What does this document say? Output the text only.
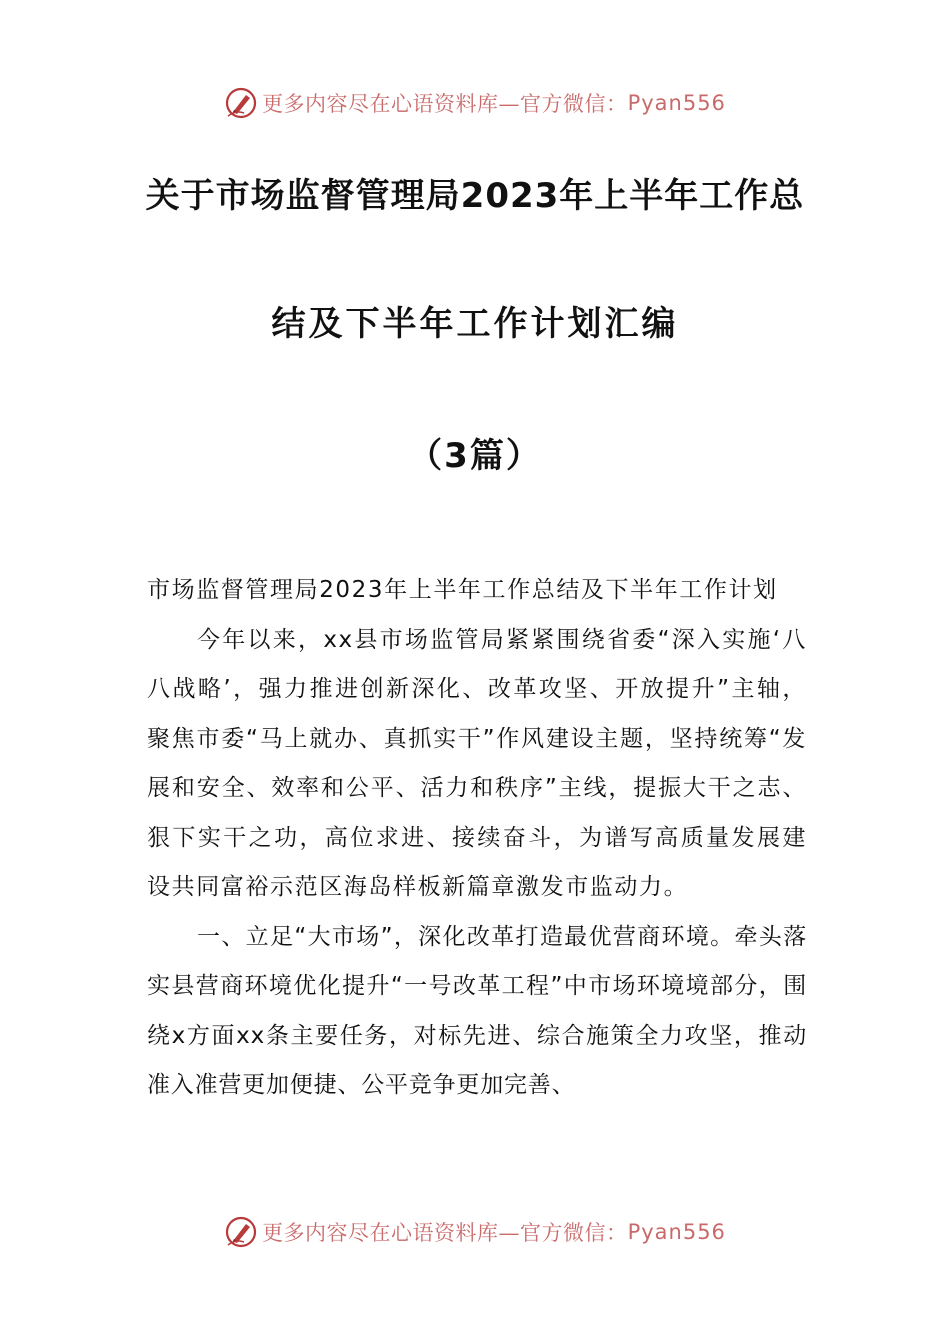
更多内容尽在心语资料库—官方微信： Pyan556
关于市场监督管理局2023年上半年工作总
结及下半年工作计划汇编
（3篇）

市场监督管理局2023年上半年工作总结及下半年工作计划

今年以来，xx县市场监管局紧紧围绕省委“深入实施‘八八战略’，强力推进创新深化、改革攻坚、开放提升”主轴，聚焦市委“马上就办、真抓实干”作风建设主题，坚持统筹“发展和安全、效率和公平、活力和秩序”主线，提振大干之志、狠下实干之功，高位求进、接续奋斗，为谱写高质量发展建设共同富裕示范区海岛样板新篇章激发市监动力。

一、立足“大市场”，深化改革打造最优营商环境。牵头落实县营商环境优化提升“一号改革工程”中市场环境境部分，围绕x方面xx条主要任务，对标先进、综合施策全力攻坚，推动准入准营更加便捷、公平竞争更加完善、

更多内容尽在心语资料库—官方微信： Pyan556
